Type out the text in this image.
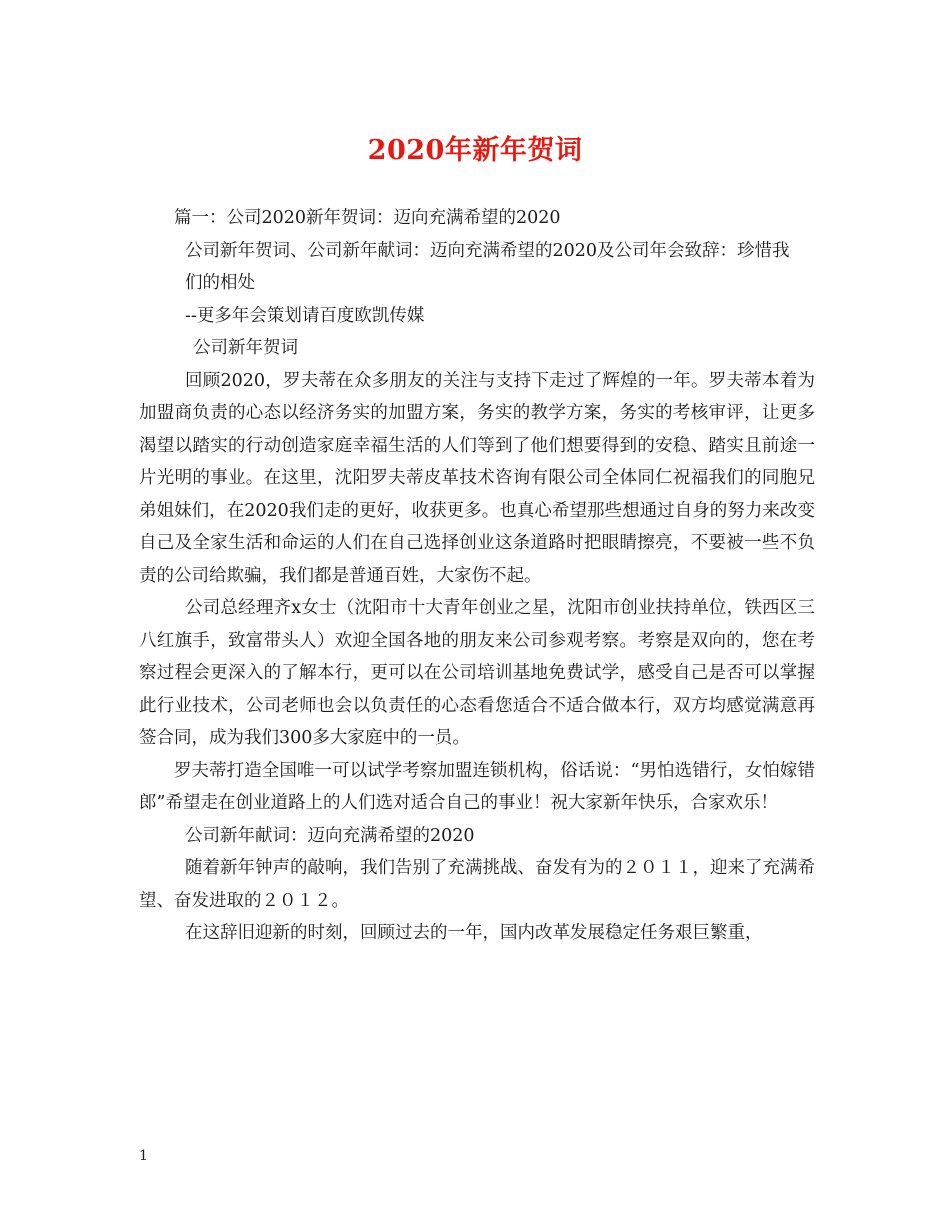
2020年新年贺词

篇一：公司2020新年贺词：迈向充满希望的2020

公司新年贺词、公司新年献词：迈向充满希望的2020及公司年会致辞：珍惜我

们的相处

--更多年会策划请百度欧凯传媒

公司新年贺词

回顾2020，罗夫蒂在众多朋友的关注与支持下走过了辉煌的一年。罗夫蒂本着为加盟商负责的心态以经济务实的加盟方案，务实的教学方案，务实的考核审评，让更多渴望以踏实的行动创造家庭幸福生活的人们等到了他们想要得到的安稳、踏实且前途一片光明的事业。在这里，沈阳罗夫蒂皮革技术咨询有限公司全体同仁祝福我们的同胞兄弟姐妹们，在2020我们走的更好，收获更多。也真心希望那些想通过自身的努力来改变自己及全家生活和命运的人们在自己选择创业这条道路时把眼睛擦亮，不要被一些不负责的公司给欺骗，我们都是普通百姓，大家伤不起。

公司总经理齐x女士（沈阳市十大青年创业之星，沈阳市创业扶持单位，铁西区三八红旗手，致富带头人）欢迎全国各地的朋友来公司参观考察。考察是双向的，您在考察过程会更深入的了解本行，更可以在公司培训基地免费试学，感受自己是否可以掌握此行业技术，公司老师也会以负责任的心态看您适合不适合做本行，双方均感觉满意再签合同，成为我们300多大家庭中的一员。

罗夫蒂打造全国唯一可以试学考察加盟连锁机构，俗话说：“男怕选错行，女怕嫁错郎”希望走在创业道路上的人们选对适合自己的事业！祝大家新年快乐，合家欢乐！

公司新年献词：迈向充满希望的2020

随着新年钟声的敲响，我们告别了充满挑战、奋发有为的２０１１，迎来了充满希望、奋发进取的２０１２。

在这辞旧迎新的时刻，回顾过去的一年，国内改革发展稳定任务艰巨繁重，

1
